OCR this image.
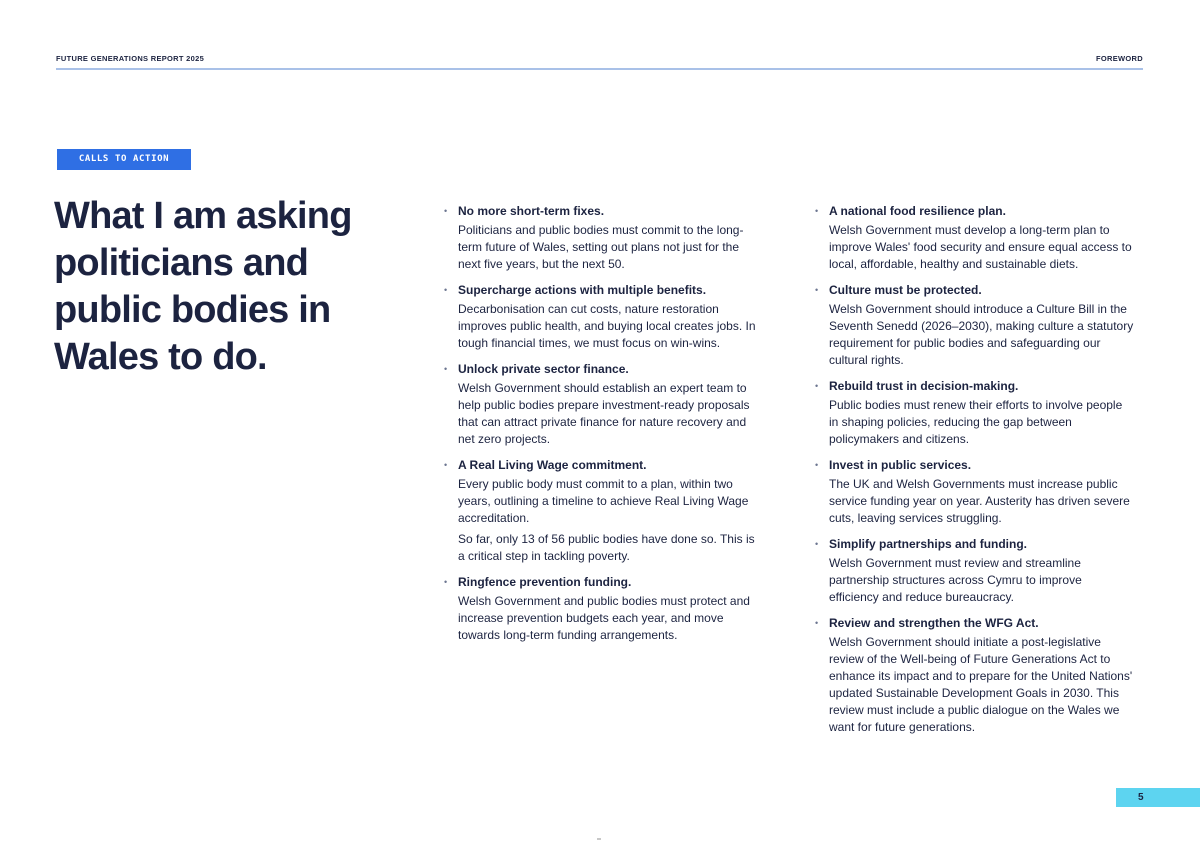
FUTURE GENERATIONS REPORT 2025	FOREWORD
CALLS TO ACTION
What I am asking politicians and public bodies in Wales to do.
• No more short-term fixes.
Politicians and public bodies must commit to the long-term future of Wales, setting out plans not just for the next five years, but the next 50.
• Supercharge actions with multiple benefits.
Decarbonisation can cut costs, nature restoration improves public health, and buying local creates jobs. In tough financial times, we must focus on win-wins.
• Unlock private sector finance.
Welsh Government should establish an expert team to help public bodies prepare investment-ready proposals that can attract private finance for nature recovery and net zero projects.
• A Real Living Wage commitment.
Every public body must commit to a plan, within two years, outlining a timeline to achieve Real Living Wage accreditation.
So far, only 13 of 56 public bodies have done so. This is a critical step in tackling poverty.
• Ringfence prevention funding.
Welsh Government and public bodies must protect and increase prevention budgets each year, and move towards long-term funding arrangements.
• A national food resilience plan.
Welsh Government must develop a long-term plan to improve Wales' food security and ensure equal access to local, affordable, healthy and sustainable diets.
• Culture must be protected.
Welsh Government should introduce a Culture Bill in the Seventh Senedd (2026–2030), making culture a statutory requirement for public bodies and safeguarding our cultural rights.
• Rebuild trust in decision-making.
Public bodies must renew their efforts to involve people in shaping policies, reducing the gap between policymakers and citizens.
• Invest in public services.
The UK and Welsh Governments must increase public service funding year on year. Austerity has driven severe cuts, leaving services struggling.
• Simplify partnerships and funding.
Welsh Government must review and streamline partnership structures across Cymru to improve efficiency and reduce bureaucracy.
• Review and strengthen the WFG Act.
Welsh Government should initiate a post-legislative review of the Well-being of Future Generations Act to enhance its impact and to prepare for the United Nations' updated Sustainable Development Goals in 2030. This review must include a public dialogue on the Wales we want for future generations.
5
